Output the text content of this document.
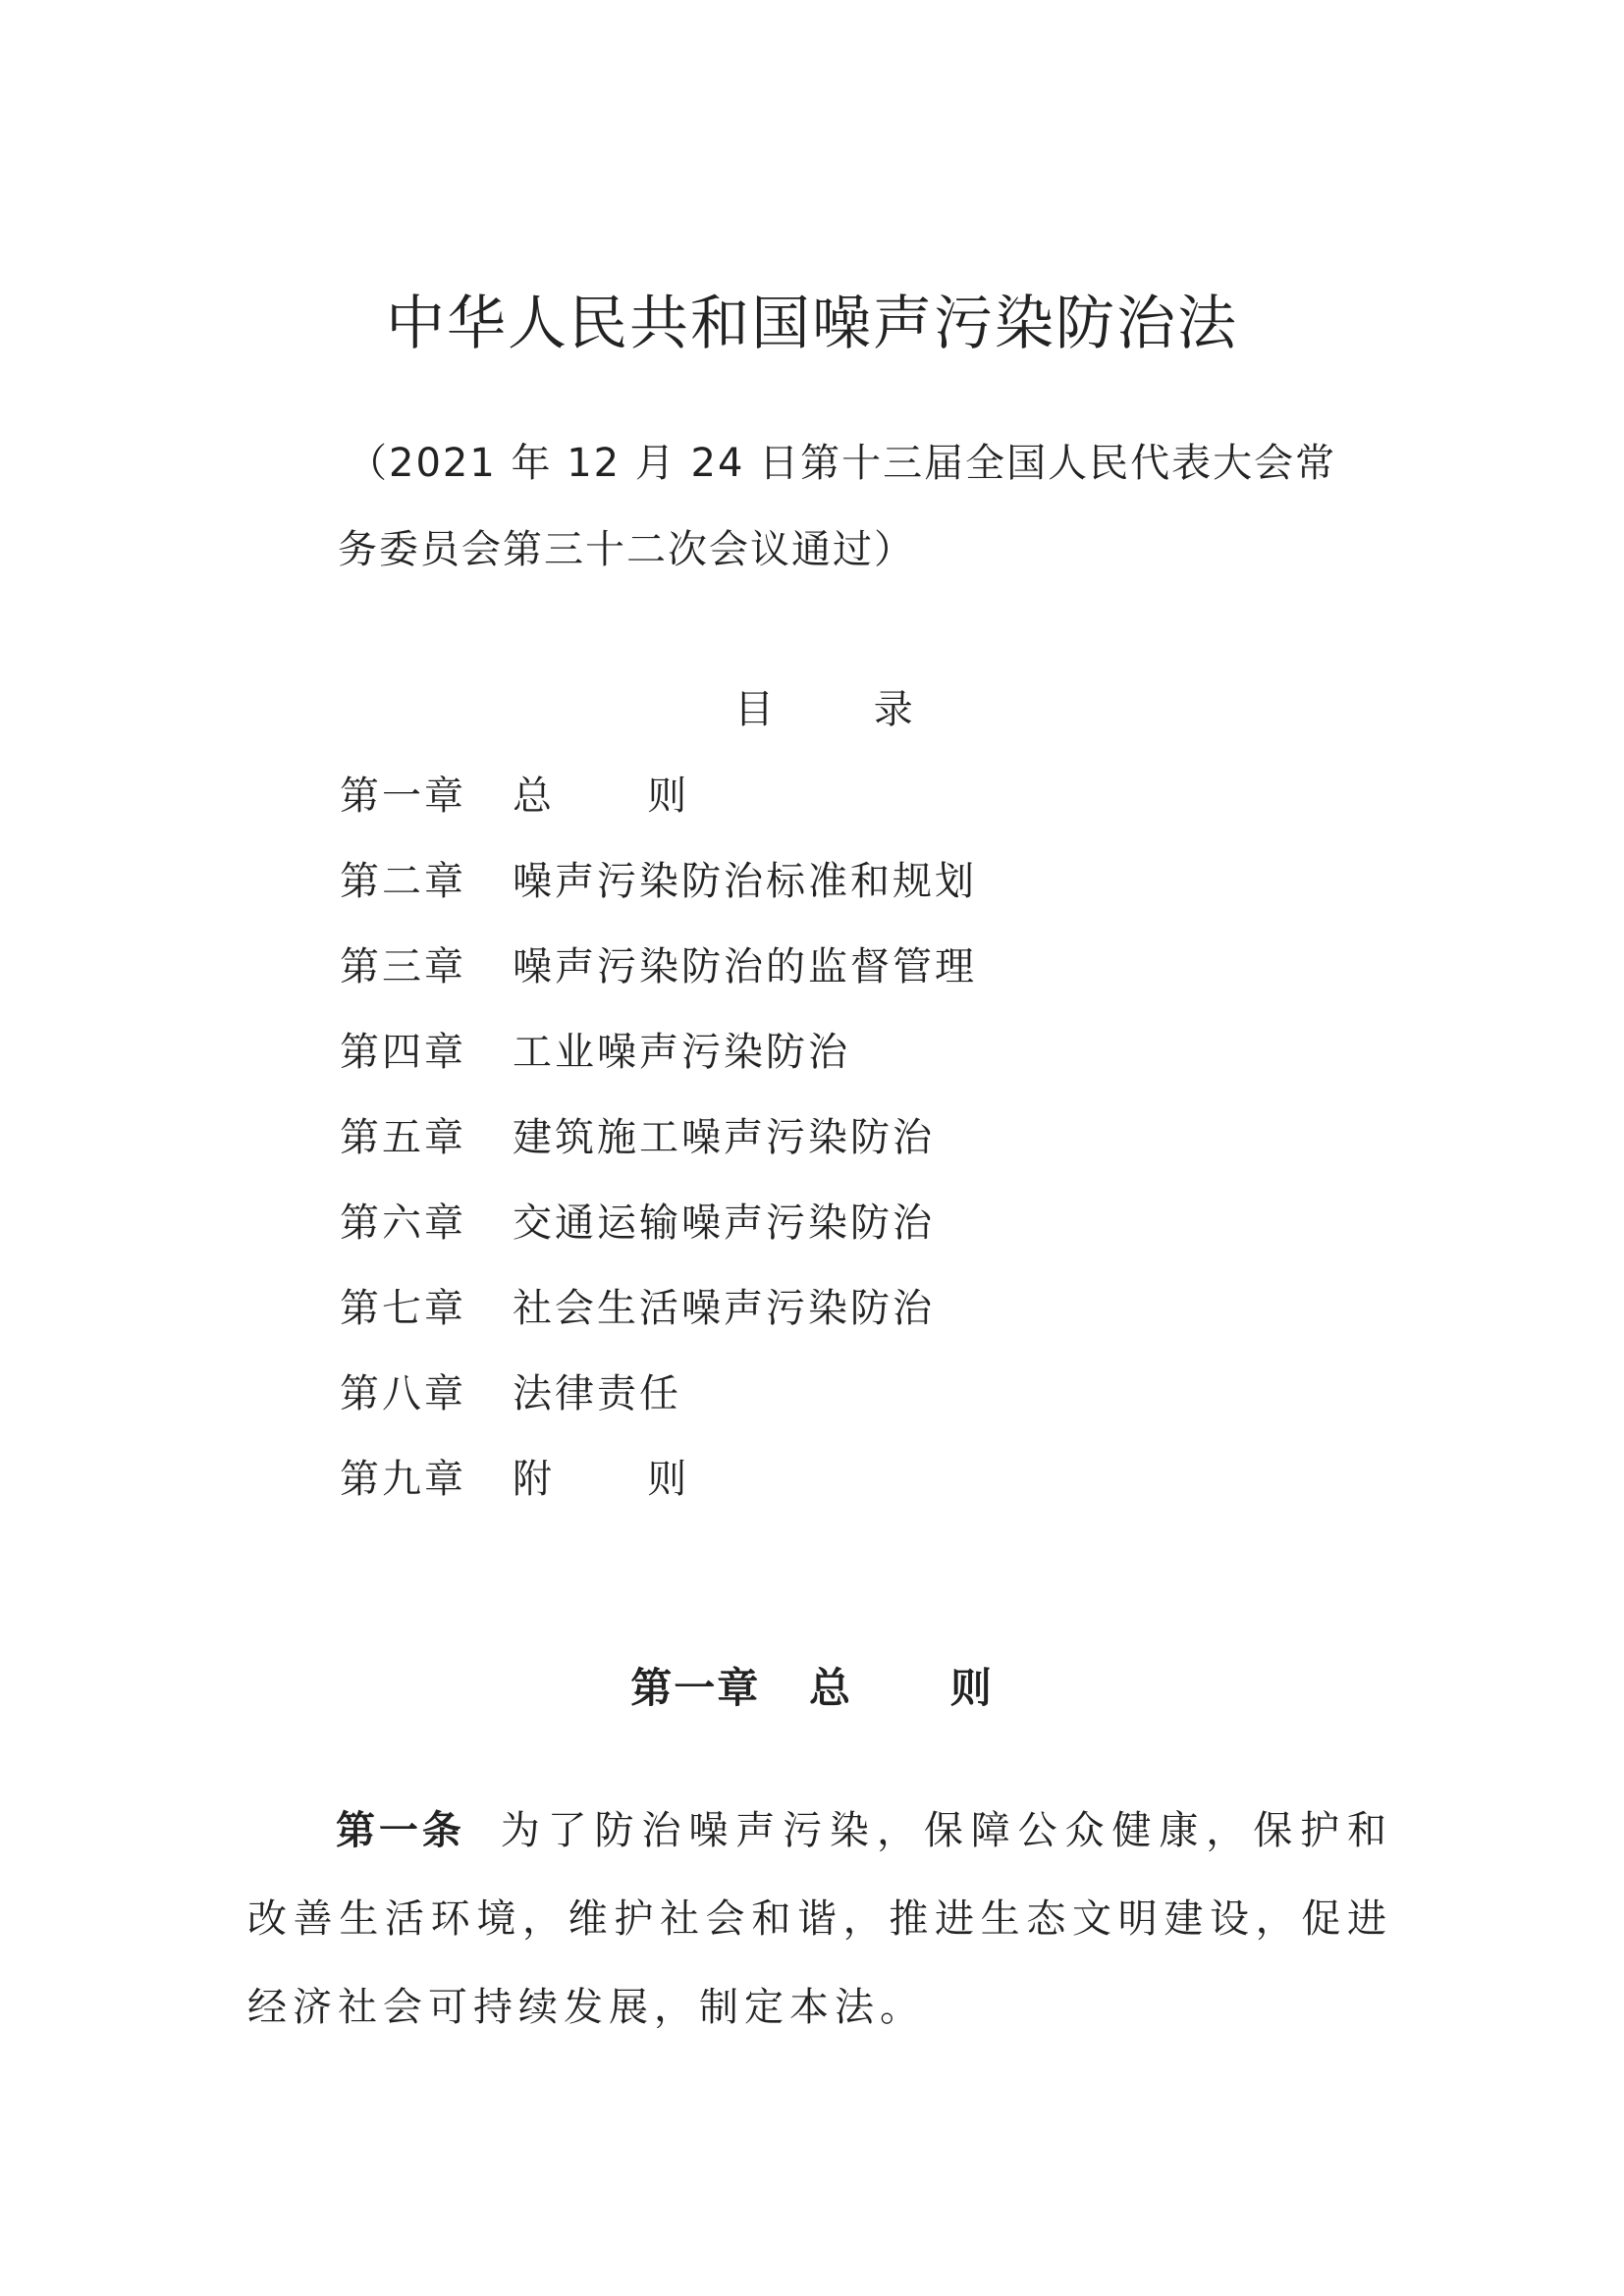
中华人民共和国噪声污染防治法
（2021 年 12 月 24 日第十三届全国人民代表大会常
务委员会第三十二次会议通过）
目        录
第一章	总      则
第二章	噪声污染防治标准和规划
第三章	噪声污染防治的监督管理
第四章	工业噪声污染防治
第五章	建筑施工噪声污染防治
第六章	交通运输噪声污染防治
第七章	社会生活噪声污染防治
第八章	法律责任
第九章	附      则
第一章   总      则

第一条 为了防治噪声污染，保障公众健康，保护和改善生活环境，维护社会和谐，推进生态文明建设，促进经济社会可持续发展，制定本法。
